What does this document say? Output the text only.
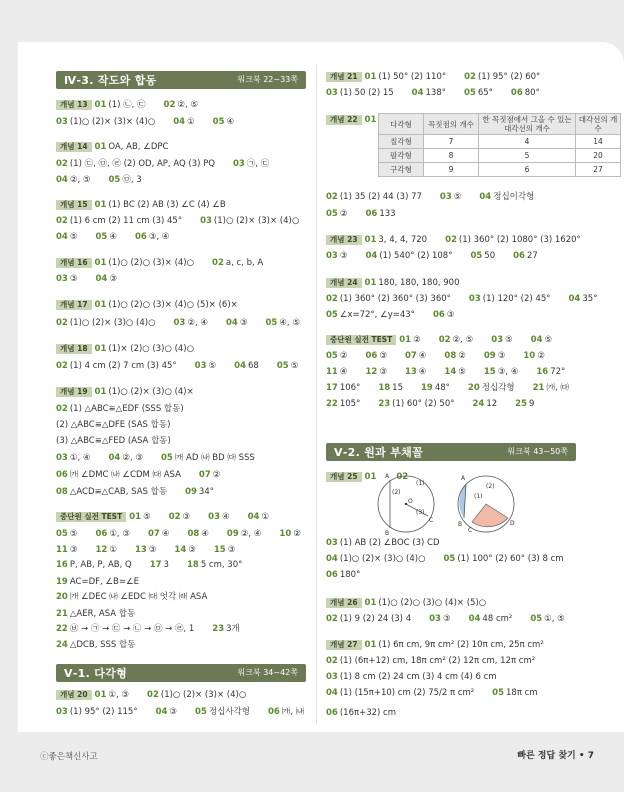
Ⅳ-3. 작도와 합동	워크북 22~33쪽
Ⅴ-1. 다각형	워크북 34~42쪽
Ⅴ-2. 원과 부채꼴	워크북 43~50쪽
개념 13 01 (1) ㉡, ㉢ 02 ②, ⑤
03 (1)○ (2)× (3)× (4)○ 04 ① 05 ④
개념 14 01 OA, AB, ∠DPC
02 (1) ㉢, ㉤, ㉣ (2) OD, AP, AQ (3) PQ 03 ㉠, ㉢
04 ②, ⑤ 05 ㉤, 3
개념 15 01 (1) BC (2) AB (3) ∠C (4) ∠B
02 (1) 6 cm (2) 11 cm (3) 45° 03 (1)○ (2)× (3)× (4)○
04 ⑤ 05 ④ 06 ③, ④
개념 16 01 (1)○ (2)○ (3)× (4)○ 02 a, c, b, A
03 ③ 04 ③
개념 17 01 (1)○ (2)○ (3)× (4)○ (5)× (6)×
02 (1)○ (2)× (3)○ (4)○ 03 ②, ④ 04 ③ 05 ④, ⑤
개념 18 01 (1)× (2)○ (3)○ (4)○
02 (1) 4 cm (2) 7 cm (3) 45° 03 ⑤ 04 68 05 ⑤
개념 19 01 (1)○ (2)× (3)○ (4)×
02 (1) △ABC≡△EDF (SSS 합동)
(2) △ABC≡△DFE (SAS 합동)
(3) △ABC≡△FED (ASA 합동)
03 ①, ④ 04 ②, ③ 05 ㈎ AD ㈏ BD ㈐ SSS
06 ㈎ ∠DMC ㈏ ∠CDM ㈐ ASA 07 ②
08 △ACD≡△CAB, SAS 합동 09 34°
중단원 실전 TEST 01 ⑤ 02 ③ 03 ④ 04 ①
05 ⑤ 06 ①, ③ 07 ④ 08 ④ 09 ②, ④ 10 ②
11 ③ 12 ① 13 ③ 14 ③ 15 ③
16 P, AB, P, AB, Q 17 3 18 5 cm, 30°
19 AC=DF, ∠B=∠E
20 ㈎ ∠DEC ㈏ ∠EDC ㈐ 엇각 ㈑ ASA
21 △AER, ASA 합동
22 ㉥ → ㉠ → ㉢ → ㉡ → ㉤ → ㉣, 1 23 3개
24 △DCB, SSS 합동
개념 20 01 ①, ③ 02 (1)○ (2)× (3)× (4)○
03 (1) 95° (2) 115° 04 ③ 05 정십사각형 06 ㈎, ㈏
개념 21 01 (1) 50° (2) 110° 02 (1) 95° (2) 60°
03 (1) 50 (2) 15 04 138° 05 65° 06 80°
개념 22 01
02 (1) 35 (2) 44 (3) 77 03 ⑤ 04 정십이각형
05 ② 06 133
개념 23 01 3, 4, 4, 720 02 (1) 360° (2) 1080° (3) 1620°
03 ③ 04 (1) 540° (2) 108° 05 50 06 27
개념 24 01 180, 180, 180, 900
02 (1) 360° (2) 360° (3) 360° 03 (1) 120° (2) 45° 04 35°
05 ∠x=72°, ∠y=43° 06 ③
중단원 실전 TEST 01 ② 02 ②, ⑤ 03 ⑤ 04 ⑤
05 ② 06 ③ 07 ④ 08 ② 09 ③ 10 ②
11 ④ 12 ③ 13 ④ 14 ⑤ 15 ③, ④ 16 72°
17 106° 18 15 19 48° 20 정십각형 21 ㈎, ㈐
22 105° 23 (1) 60° (2) 50° 24 12 25 9
개념 25 01 02
03 (1) AB (2) ∠BOC (3) CD
04 (1)○ (2)× (3)○ (4)○ 05 (1) 100° (2) 60° (3) 8 cm
06 180°
개념 26 01 (1)○ (2)○ (3)○ (4)× (5)○
02 (1) 9 (2) 24 (3) 4 03 ③ 04 48 cm² 05 ①, ⑤
개념 27 01 (1) 6π cm, 9π cm² (2) 10π cm, 25π cm²
02 (1) (6π+12) cm, 18π cm² (2) 12π cm, 12π cm²
03 (1) 8 cm (2) 24 cm (3) 4 cm (4) 6 cm
04 (1) (15π+10) cm (2) 75/2 π cm² 05 18π cm
06 (16π+32) cm
다각형	꼭짓점의 개수	한 꼭짓점에서 그을 수 있는 대각선의 개수	대각선의 개수
칠각형	7	4	14
팔각형	8	5	20
구각형	9	6	27
A
B
C
O
(1)
(2)
(3)
A
B
C
D
(1)
(2)
ⓒ좋은책신사고	빠른 정답 찾기 • 7
